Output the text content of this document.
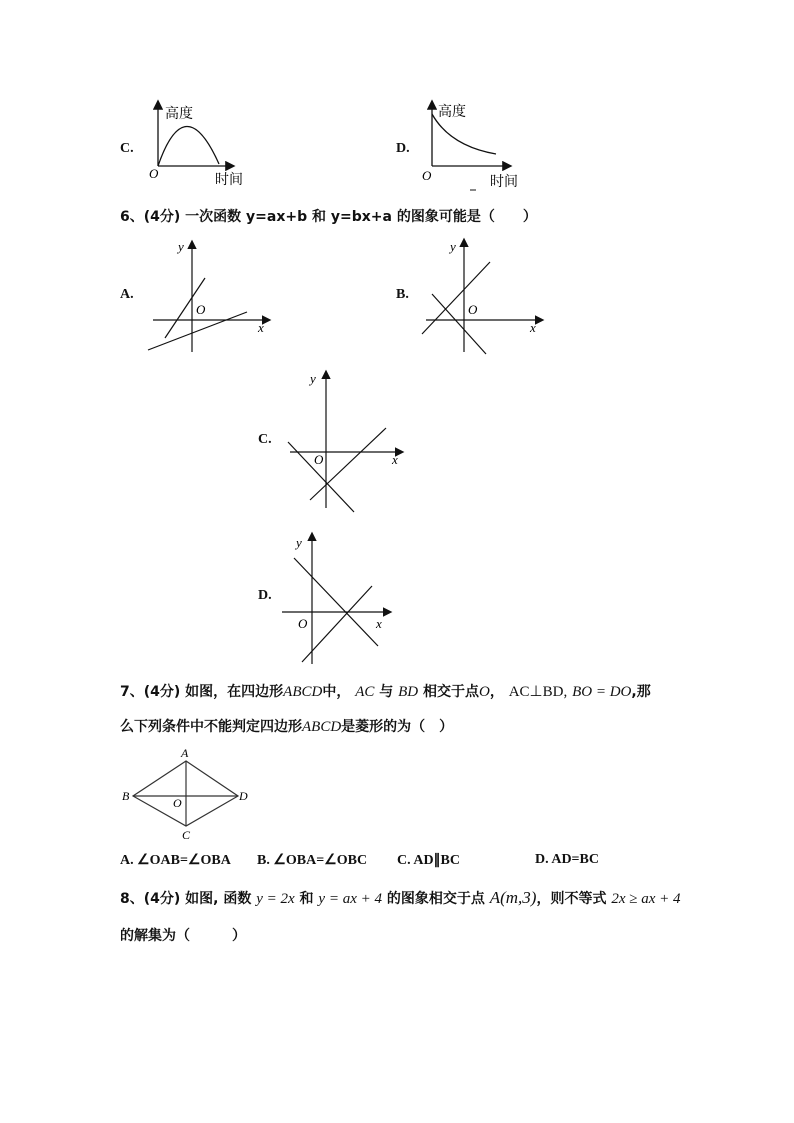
C.
高度
时间
O
D.
高度
时间
O
6、(4分) 一次函数 y=ax+b 和 y=bx+a 的图象可能是（　　）
A.
y
x
O
B.
y
x
O
C.
y
x
O
D.
y
x
O
7、(4分) 如图，在四边形ABCD中， AC 与 BD 相交于点O， AC⊥BD, BO = DO,那
么下列条件中不能判定四边形ABCD是菱形的为（　）
A
B
C
D
O
A. ∠OAB=∠OBA B. ∠OBA=∠OBC C. AD∥BC	D. AD=BC
8、(4分) 如图, 函数 y = 2x 和 y = ax + 4 的图象相交于点 A(m,3)，则不等式 2x ≥ ax + 4
的解集为（　　　）
